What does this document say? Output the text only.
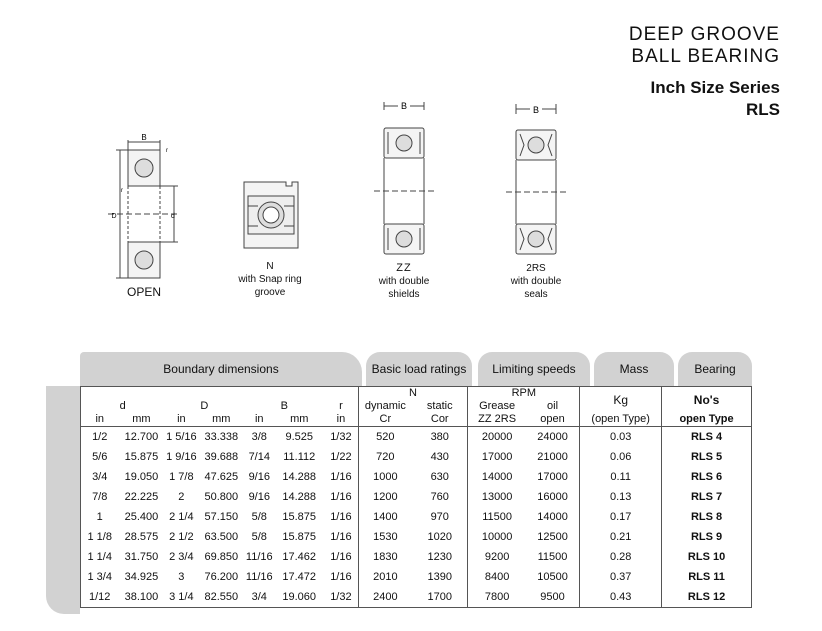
DEEP GROOVE
BALL BEARING
Inch Size Series
RLS
B
D	d
r
r
OPEN
N
with Snap ring
groove
B
ZZ
with double
shields
B
2RS
with double
seals
Boundary dimensions	Basic load ratings	Limiting speeds	Mass	Bearing
							N		RPM		Kg	No's
d		D		B		r	dynamic	static	Grease	oil		
in	mm	in	mm	in	mm	in	Cr	Cor	ZZ 2RS	open	(open Type)	open Type
1/2	12.700	1 5/16	33.338	3/8	9.525	1/32	520	380	20000	24000	0.03	RLS 4
5/6	15.875	1 9/16	39.688	7/14	11.112	1/22	720	430	17000	21000	0.06	RLS 5
3/4	19.050	1 7/8	47.625	9/16	14.288	1/16	1000	630	14000	17000	0.11	RLS 6
7/8	22.225	2	50.800	9/16	14.288	1/16	1200	760	13000	16000	0.13	RLS 7
1	25.400	2 1/4	57.150	5/8	15.875	1/16	1400	970	11500	14000	0.17	RLS 8
1 1/8	28.575	2 1/2	63.500	5/8	15.875	1/16	1530	1020	10000	12500	0.21	RLS 9
1 1/4	31.750	2 3/4	69.850	11/16	17.462	1/16	1830	1230	9200	11500	0.28	RLS 10
1 3/4	34.925	3	76.200	11/16	17.472	1/16	2010	1390	8400	10500	0.37	RLS 11
1/12	38.100	3 1/4	82.550	3/4	19.060	1/32	2400	1700	7800	9500	0.43	RLS 12
